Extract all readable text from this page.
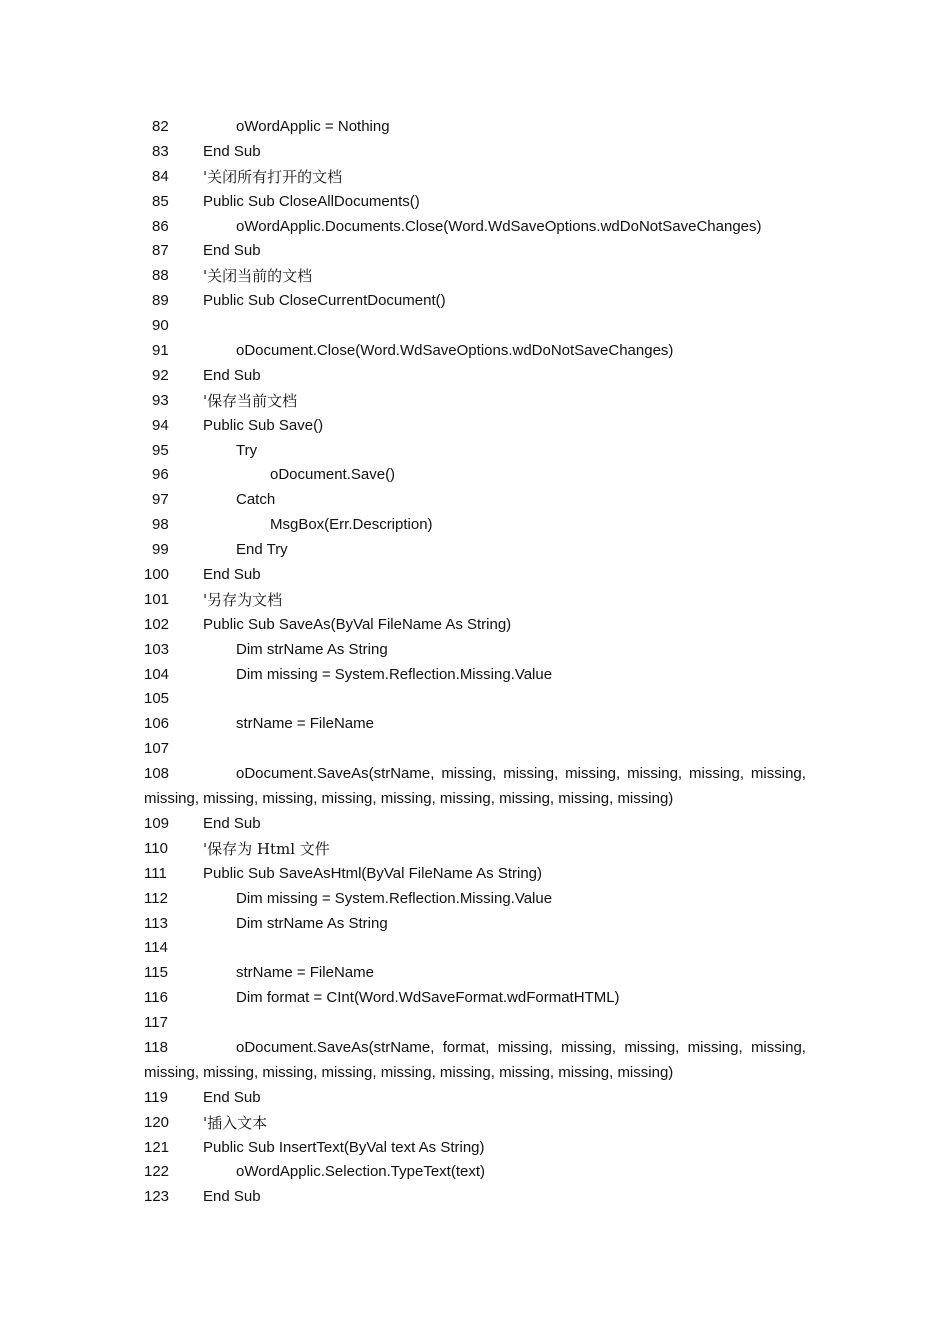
82	oWordApplic = Nothing
83	End Sub
84	'关闭所有打开的文档
85	Public Sub CloseAllDocuments()
86	oWordApplic.Documents.Close(Word.WdSaveOptions.wdDoNotSaveChanges)
87	End Sub
88	'关闭当前的文档
89	Public Sub CloseCurrentDocument()
90
91	oDocument.Close(Word.WdSaveOptions.wdDoNotSaveChanges)
92	End Sub
93	'保存当前文档
94	Public Sub Save()
95	Try
96	oDocument.Save()
97	Catch
98	MsgBox(Err.Description)
99	End Try
100	End Sub
101	'另存为文档
102	Public Sub SaveAs(ByVal FileName As String)
103	Dim strName As String
104	Dim missing = System.Reflection.Missing.Value
105
106	strName = FileName
107
108	oDocument.SaveAs(strName, missing, missing, missing, missing, missing, missing,
missing, missing, missing, missing, missing, missing, missing, missing, missing)
109	End Sub
110	'保存为 Html 文件
111	Public Sub SaveAsHtml(ByVal FileName As String)
112	Dim missing = System.Reflection.Missing.Value
113	Dim strName As String
114
115	strName = FileName
116	Dim format = CInt(Word.WdSaveFormat.wdFormatHTML)
117
118	oDocument.SaveAs(strName, format, missing, missing, missing, missing, missing,
missing, missing, missing, missing, missing, missing, missing, missing, missing)
119	End Sub
120	'插入文本
121	Public Sub InsertText(ByVal text As String)
122	oWordApplic.Selection.TypeText(text)
123	End Sub
